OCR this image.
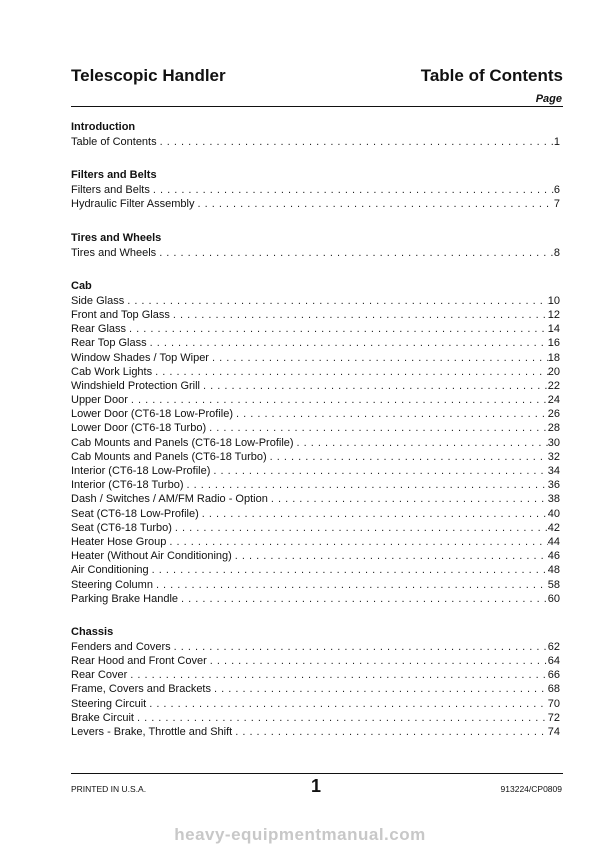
Telescopic Handler	Table of Contents
Page
Introduction
Table of Contents . . .	1
Filters and Belts
Filters and Belts . . .	6
Hydraulic Filter Assembly . . .	7
Tires and Wheels
Tires and Wheels . . .	8
Cab
Side Glass . . .	10
Front and Top Glass . . .	12
Rear Glass . . .	14
Rear Top Glass . . .	16
Window Shades / Top Wiper . . .	18
Cab Work Lights . . .	20
Windshield Protection Grill . . .	22
Upper Door . . .	24
Lower Door (CT6-18 Low-Profile) . . .	26
Lower Door (CT6-18 Turbo) . . .	28
Cab Mounts and Panels (CT6-18 Low-Profile) . . .	30
Cab Mounts and Panels (CT6-18 Turbo) . . .	32
Interior (CT6-18 Low-Profile) . . .	34
Interior (CT6-18 Turbo) . . .	36
Dash / Switches / AM/FM Radio - Option . . .	38
Seat (CT6-18 Low-Profile) . . .	40
Seat (CT6-18 Turbo) . . .	42
Heater Hose Group . . .	44
Heater (Without Air Conditioning) . . .	46
Air Conditioning . . .	48
Steering Column . . .	58
Parking Brake Handle . . .	60
Chassis
Fenders and Covers . . .	62
Rear Hood and Front Cover . . .	64
Rear Cover . . .	66
Frame, Covers and Brackets . . .	68
Steering Circuit . . .	70
Brake Circuit . . .	72
Levers - Brake, Throttle and Shift . . .	74
PRINTED IN U.S.A.	1	913224/CP0809
heavy-equipmentmanual.com
